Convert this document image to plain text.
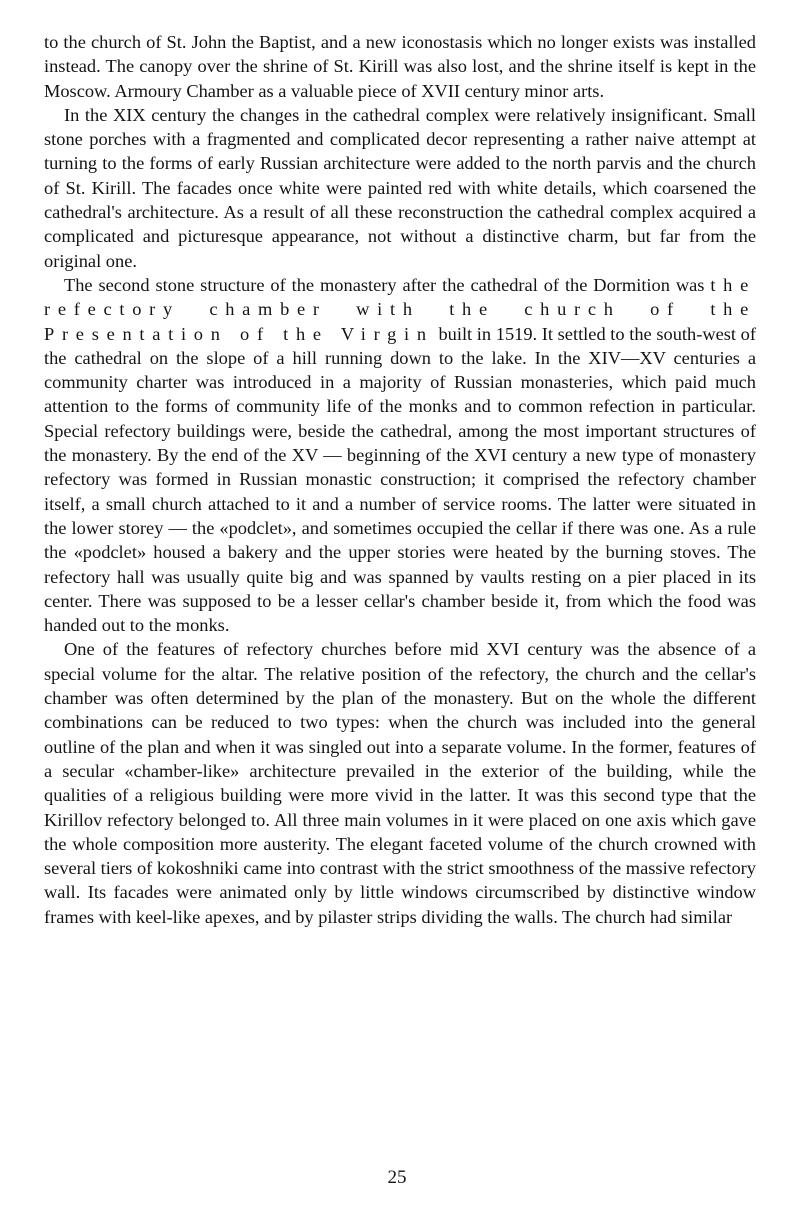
to the church of St. John the Baptist, and a new iconostasis which no longer exists was installed instead. The canopy over the shrine of St. Kirill was also lost, and the shrine itself is kept in the Moscow. Armoury Chamber as a valuable piece of XVII century minor arts.

In the XIX century the changes in the cathedral complex were relatively insignificant. Small stone porches with a fragmented and complicated decor representing a rather naive attempt at turning to the forms of early Russian architecture were added to the north parvis and the church of St. Kirill. The facades once white were painted red with white details, which coarsened the cathedral's architecture. As a result of all these reconstruction the cathedral complex acquired a complicated and picturesque appearance, not without a distinctive charm, but far from the original one.

The second stone structure of the monastery after the cathedral of the Dormition was the refectory chamber with the church of the Presentation of the Virgin built in 1519. It settled to the south-west of the cathedral on the slope of a hill running down to the lake. In the XIV—XV centuries a community charter was introduced in a majority of Russian monasteries, which paid much attention to the forms of community life of the monks and to common refection in particular. Special refectory buildings were, beside the cathedral, among the most important structures of the monastery. By the end of the XV — beginning of the XVI century a new type of monastery refectory was formed in Russian monastic construction; it comprised the refectory chamber itself, a small church attached to it and a number of service rooms. The latter were situated in the lower storey — the «podclet», and sometimes occupied the cellar if there was one. As a rule the «podclet» housed a bakery and the upper stories were heated by the burning stoves. The refectory hall was usually quite big and was spanned by vaults resting on a pier placed in its center. There was supposed to be a lesser cellar's chamber beside it, from which the food was handed out to the monks.

One of the features of refectory churches before mid XVI century was the absence of a special volume for the altar. The relative position of the refectory, the church and the cellar's chamber was often determined by the plan of the monastery. But on the whole the different combinations can be reduced to two types: when the church was included into the general outline of the plan and when it was singled out into a separate volume. In the former, features of a secular «chamber-like» architecture prevailed in the exterior of the building, while the qualities of a religious building were more vivid in the latter. It was this second type that the Kirillov refectory belonged to. All three main volumes in it were placed on one axis which gave the whole composition more austerity. The elegant faceted volume of the church crowned with several tiers of kokoshniki came into contrast with the strict smoothness of the massive refectory wall. Its facades were animated only by little windows circumscribed by distinctive window frames with keel-like apexes, and by pilaster strips dividing the walls. The church had similar

25
